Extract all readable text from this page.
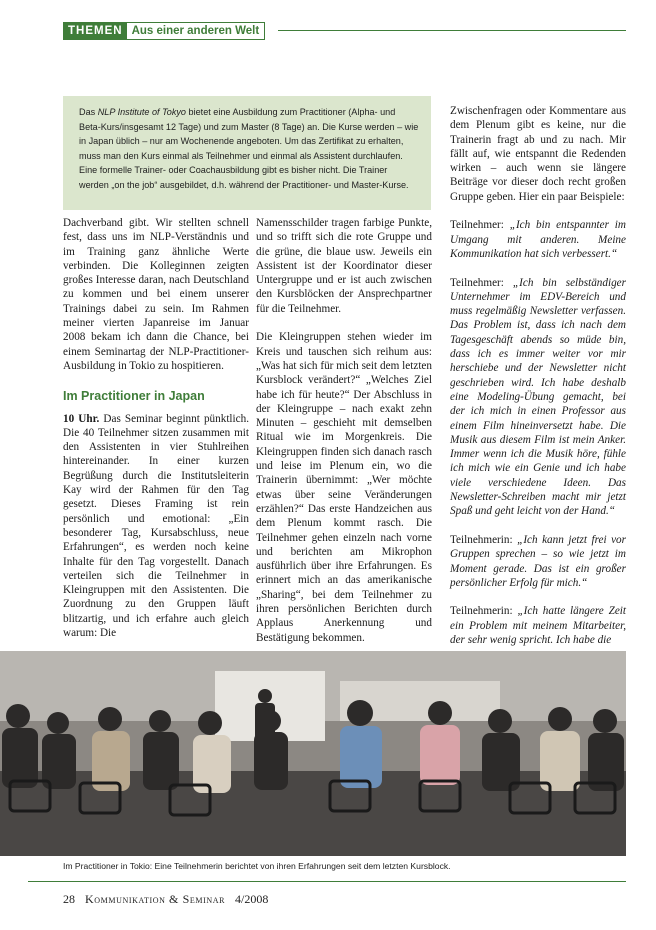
THEMEN Aus einer anderen Welt
Das NLP Institute of Tokyo bietet eine Ausbildung zum Practitioner (Alpha- und Beta-Kurs/insgesamt 12 Tage) und zum Master (8 Tage) an. Die Kurse werden – wie in Japan üblich – nur am Wochenende angeboten. Um das Zertifikat zu erhalten, muss man den Kurs einmal als Teilnehmer und einmal als Assistent durchlaufen. Eine formelle Trainer- oder Coachausbildung gibt es bisher nicht. Die Trainer werden „on the job“ ausgebildet, d.h. während der Practitioner- und Master-Kurse.

Dachverband gibt. Wir stellten schnell fest, dass uns im NLP-Verständnis und im Training ganz ähnliche Werte verbinden. Die Kolleginnen zeigten großes Interesse daran, nach Deutschland zu kommen und bei einem unserer Trainings dabei zu sein. Im Rahmen meiner vierten Japanreise im Januar 2008 bekam ich dann die Chance, bei einem Seminartag der NLP-Practitioner-Ausbildung in Tokio zu hospitieren.

Im Practitioner in Japan

10 Uhr. Das Seminar beginnt pünktlich. Die 40 Teilnehmer sitzen zusammen mit den Assistenten in vier Stuhlreihen hintereinander. In einer kurzen Begrüßung durch die Institutsleiterin Kay wird der Rahmen für den Tag gesetzt. Dieses Framing ist rein persönlich und emotional: „Ein besonderer Tag, Kursabschluss, neue Erfahrungen“, es werden noch keine Inhalte für den Tag vorgestellt. Danach verteilen sich die Teilnehmer in Kleingruppen mit den Assistenten. Die Zuordnung zu den Gruppen läuft blitzartig, und ich erfahre auch gleich warum: Die

Namensschilder tragen farbige Punkte, und so trifft sich die rote Gruppe und die grüne, die blaue usw. Jeweils ein Assistent ist der Koordinator dieser Untergruppe und er ist auch zwischen den Kursblöcken der Ansprechpartner für die Teilnehmer.

Die Kleingruppen stehen wieder im Kreis und tauschen sich reihum aus: „Was hat sich für mich seit dem letzten Kursblock verändert?“ „Welches Ziel habe ich für heute?“ Der Abschluss in der Kleingruppe – nach exakt zehn Minuten – geschieht mit demselben Ritual wie im Morgenkreis. Die Kleingruppen finden sich danach rasch und leise im Plenum ein, wo die Trainerin übernimmt: „Wer möchte etwas über seine Veränderungen erzählen?“ Das erste Handzeichen aus dem Plenum kommt rasch. Die Teilnehmer gehen einzeln nach vorne und berichten am Mikrophon ausführlich über ihre Erfahrungen. Es erinnert mich an das amerikanische „Sharing“, bei dem Teilnehmer zu ihren persönlichen Berichten durch Applaus Anerkennung und Bestätigung bekommen.

Zwischenfragen oder Kommentare aus dem Plenum gibt es keine, nur die Trainerin fragt ab und zu nach. Mir fällt auf, wie entspannt die Redenden wirken – auch wenn sie längere Beiträge vor dieser doch recht großen Gruppe geben. Hier ein paar Beispiele:

Teilnehmer: „Ich bin entspannter im Umgang mit anderen. Meine Kommunikation hat sich verbessert.“

Teilnehmer: „Ich bin selbständiger Unternehmer im EDV-Bereich und muss regelmäßig Newsletter verfassen. Das Problem ist, dass ich nach dem Tagesgeschäft abends so müde bin, dass ich es immer weiter vor mir herschiebe und der Newsletter nicht geschrieben wird. Ich habe deshalb eine Modeling-Übung gemacht, bei der ich mich in einen Professor aus einem Film hineinversetzt habe. Die Musik aus diesem Film ist mein Anker. Immer wenn ich die Musik höre, fühle ich mich wie ein Genie und ich habe viele verschiedene Ideen. Das Newsletter-Schreiben macht mir jetzt Spaß und geht leicht von der Hand.“

Teilnehmerin: „Ich kann jetzt frei vor Gruppen sprechen – so wie jetzt im Moment gerade. Das ist ein großer persönlicher Erfolg für mich.“

Teilnehmerin: „Ich hatte längere Zeit ein Problem mit meinem Mitarbeiter, der sehr wenig spricht. Ich habe die

Im Practitioner in Tokio: Eine Teilnehmerin berichtet von ihren Erfahrungen seit dem letzten Kursblock.
28 Kommunikation & Seminar 4/2008
